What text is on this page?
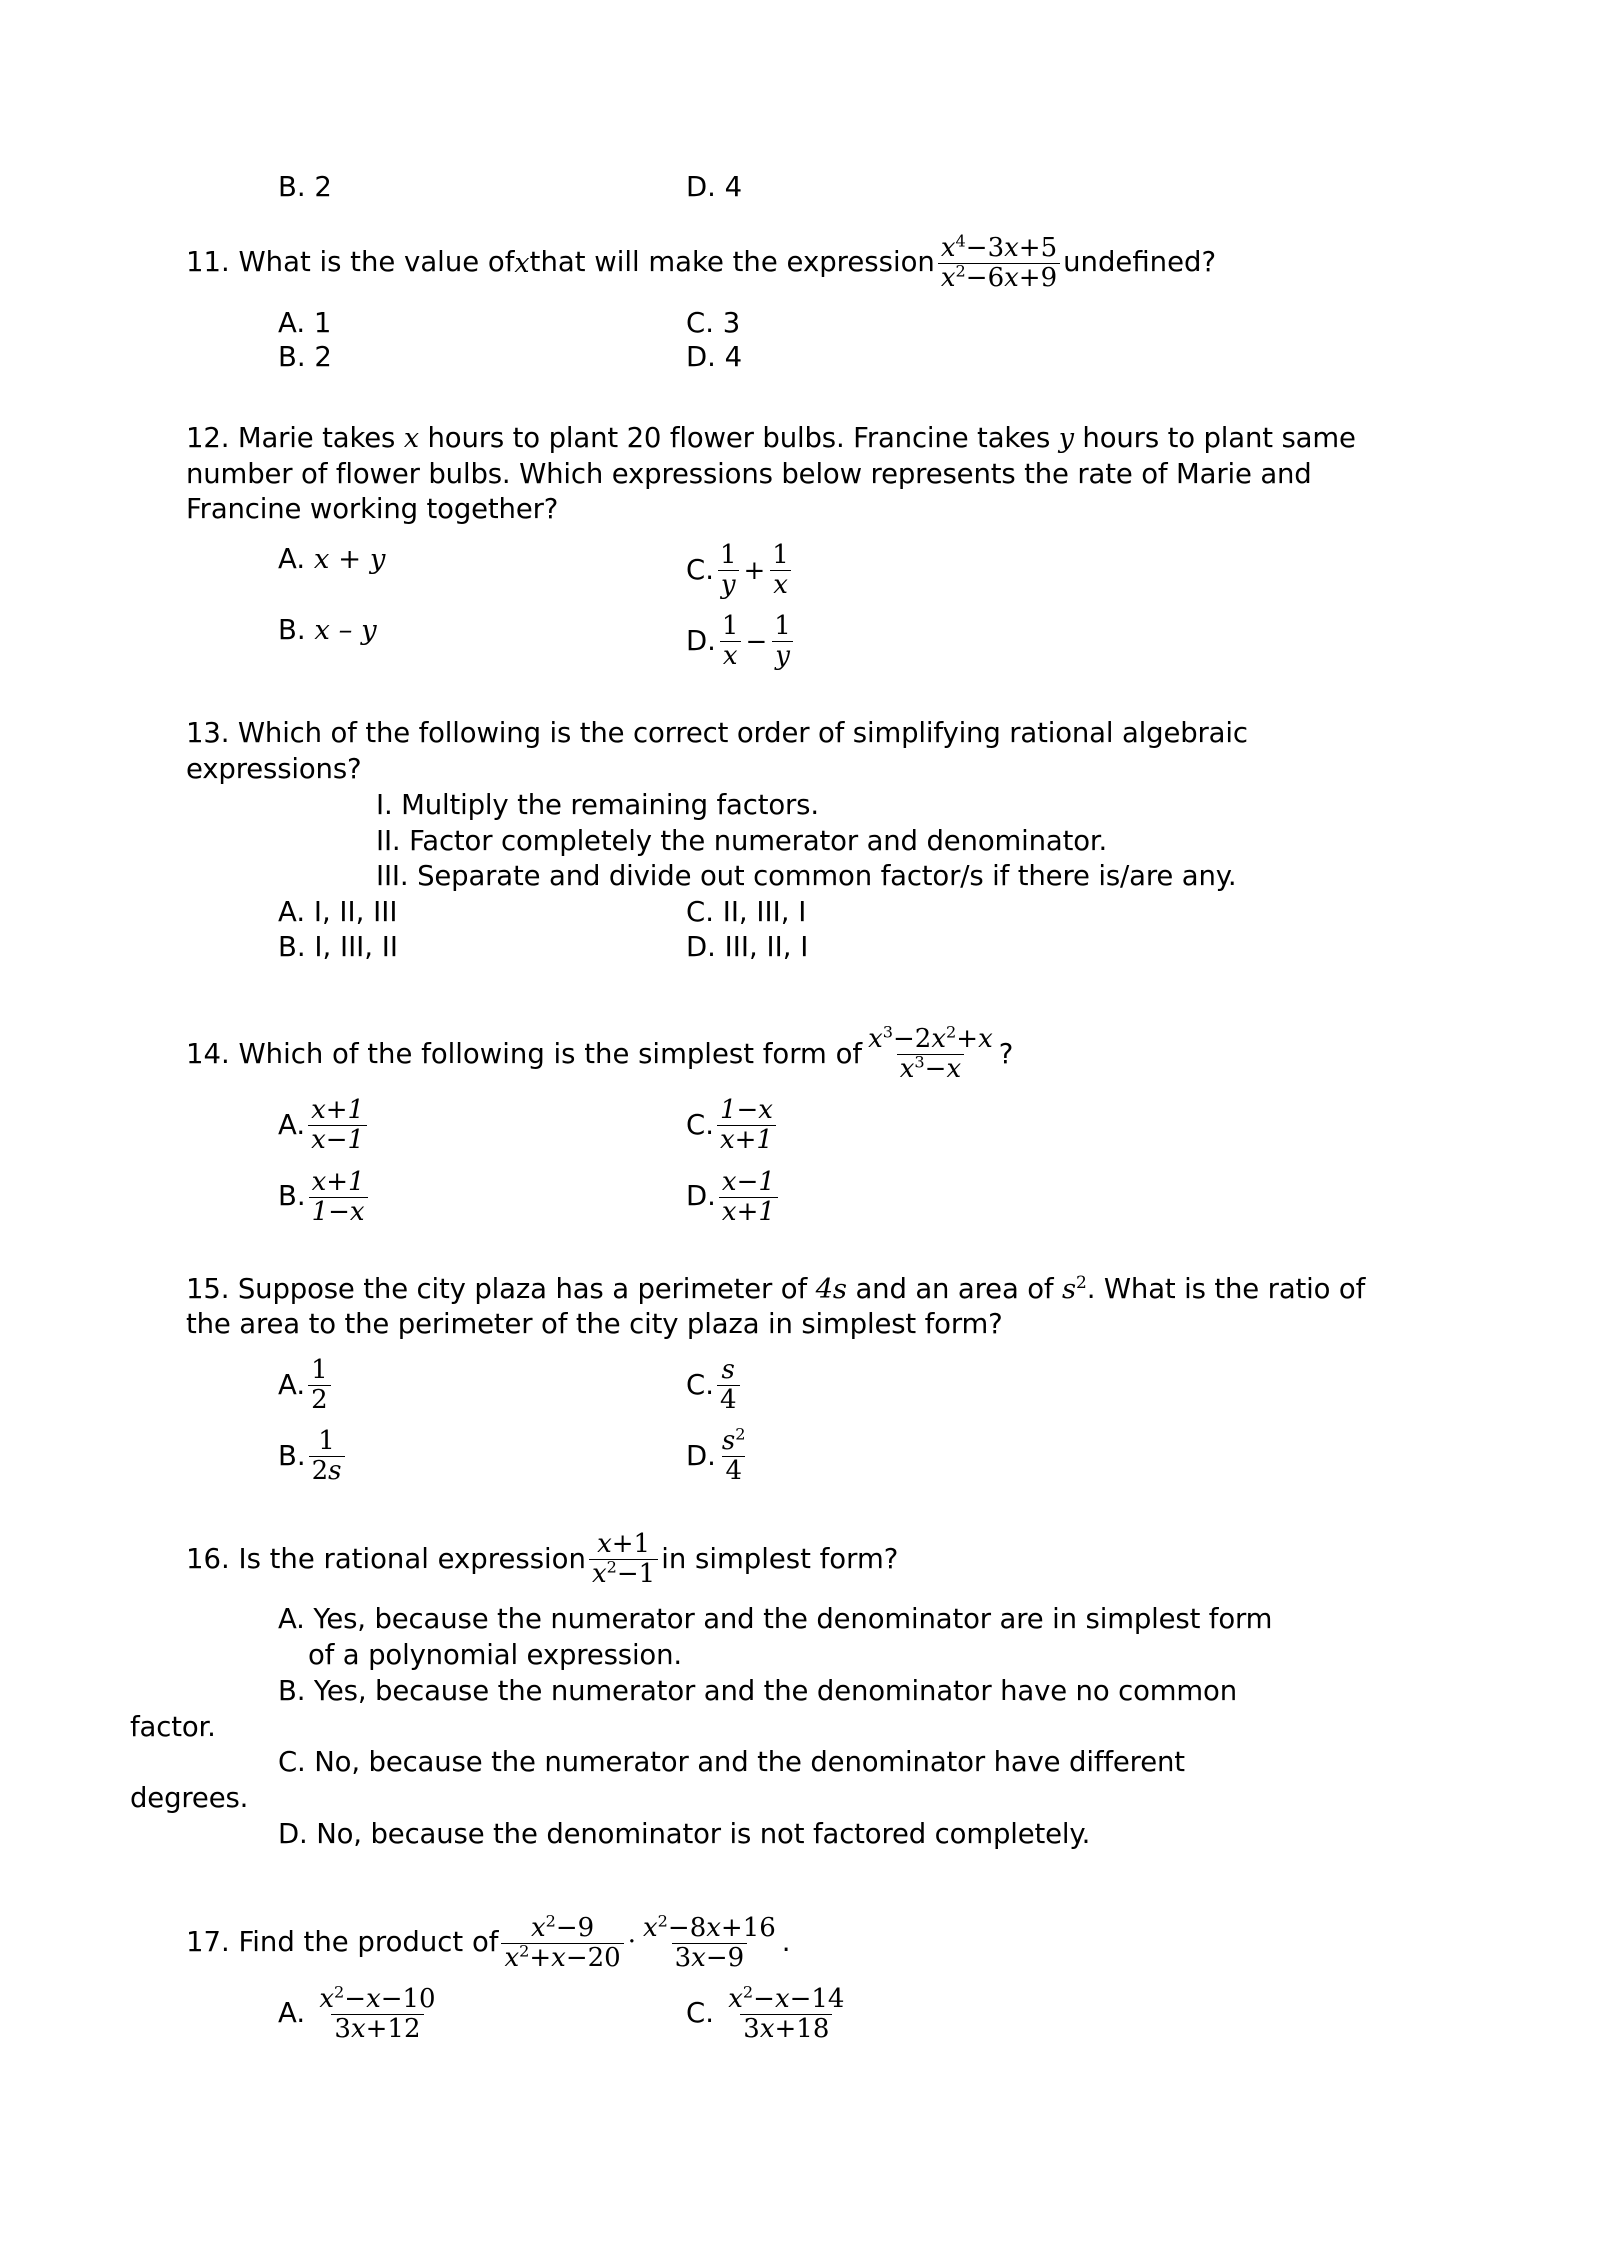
B. 2	D. 4
11. What is the value of x that will make the expression $\frac{x^4-3x+5}{x^2-6x+9}$ undefined?
A. 1	C. 3
B. 2	D. 4

12. Marie takes x hours to plant 20 flower bulbs. Francine takes y hours to plant same number of flower bulbs. Which expressions below represents the rate of Marie and Francine working together?

A. x + y	C. $\frac{1}{y} + \frac{1}{x}$
B. x – y	D. $\frac{1}{x} - \frac{1}{y}$

13. Which of the following is the correct order of simplifying rational algebraic expressions?

I. Multiply the remaining factors.

II. Factor completely the numerator and denominator.

III. Separate and divide out common factor/s if there is/are any.

A. I, II, III	C. II, III, I
B. I, III, II	D. III, II, I
14. Which of the following is the simplest form of $\frac{x^3-2x^2+x}{x^3-x}$ ?
A. $\frac{x+1}{x-1}$	C. $\frac{1-x}{x+1}$
B. $\frac{x+1}{1-x}$	D. $\frac{x-1}{x+1}$

15. Suppose the city plaza has a perimeter of 4s and an area of $s^2$. What is the ratio of the area to the perimeter of the city plaza in simplest form?

A. $\frac{1}{2}$	C. $\frac{s}{4}$
B. $\frac{1}{2s}$	D. $\frac{s^2}{4}$
16. Is the rational expression $\frac{x+1}{x^2-1}$ in simplest form?

A. Yes, because the numerator and the denominator are in simplest form

of a polynomial expression.

B. Yes, because the numerator and the denominator have no common

factor.

C. No, because the numerator and the denominator have different

degrees.

D. No, because the denominator is not factored completely.

17. Find the product of $\frac{x^2-9}{x^2+x-20} \cdot \frac{x^2-8x+16}{3x-9}$ .
A. $\frac{x^2-x-10}{3x+12}$	C. $\frac{x^2-x-14}{3x+18}$
